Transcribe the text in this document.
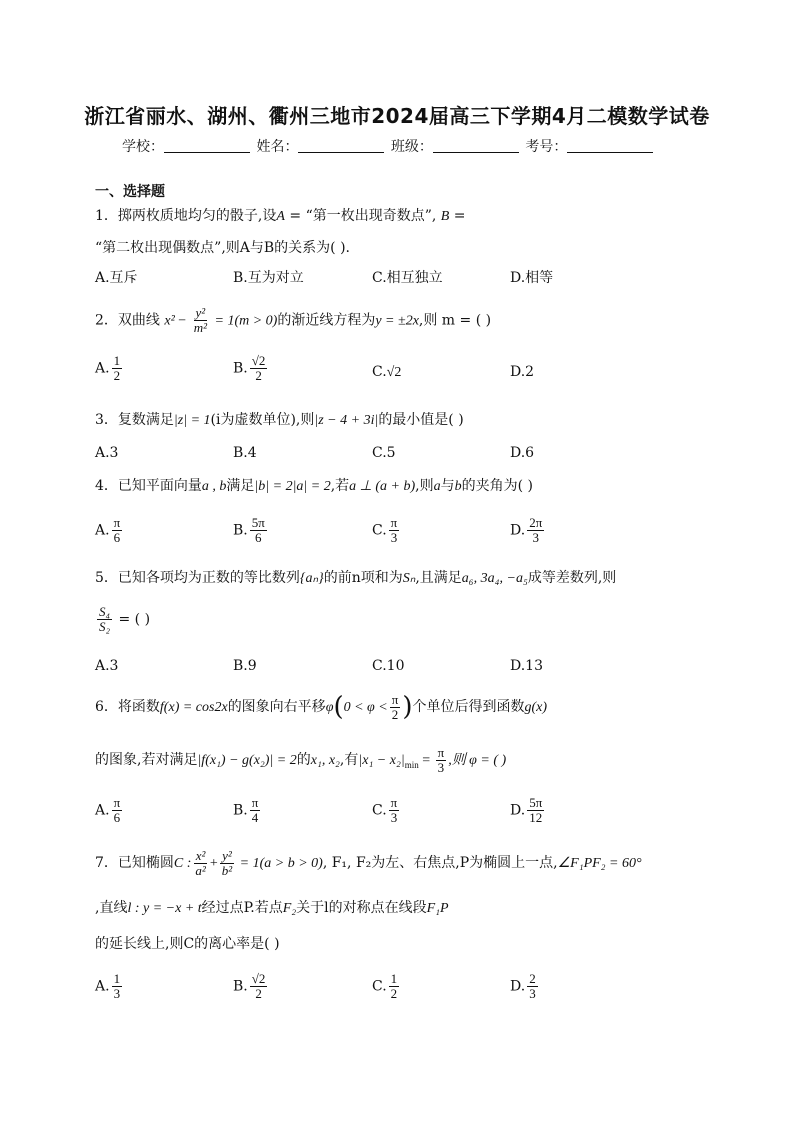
浙江省丽水、湖州、衢州三地市2024届高三下学期4月二模数学试卷
学校：	姓名：	班级：	考号：
一、选择题
1．掷两枚质地均匀的骰子,设A = “第一枚出现奇数点”, B =
“第二枚出现偶数点”,则A与B的关系为( ).
A.互斥	B.互为对立	C.相互独立	D.相等
2．双曲线 $x^2 - \frac{\text{y²}}{\text{m²}} = 1(m > 0)$的渐近线方程为y = ±2x,则 m = ( )
A. $\frac{1}{2}$	B. $\frac{√2}{2}$	C.√2	D.2
3．复数满足|z| = 1(i为虚数单位),则|z − 4 + 3i|的最小值是( )
A.3	B.4	C.5	D.6
4．已知平面向量a , b满足|b| = 2|a| = 2,若a ⊥ (a + b),则a与b的夹角为( )
A. $\frac{\pi}{6}$	B. $\frac{5\pi}{6}$	C. $\frac{\pi}{3}$	D. $\frac{2\pi}{3}$
5．已知各项均为正数的等比数列{aₙ}的前n项和为Sₙ,且满足a₆, 3a₄, −a₅成等差数列,则
$\frac{\text{S₄}}{\text{S₂}}$ = ( )
A.3	B.9	C.10	D.13
6．将函数f(x) = cos2x的图象向右平移$\varphi(0 < \varphi < \frac{\pi}{2}$ )个单位后得到函数g(x)
的图象,若对满足|f(x₁) − g(x₂)| = 2的x₁, x₂,有$|x_1 - x_2|_{min} = \frac{\pi}{3}$ ,则 φ = ( )
A. $\frac{\pi}{6}$	B. $\frac{\pi}{4}$	C. $\frac{\pi}{3}$	D. $\frac{5\pi}{12}$
7．已知椭圆C : $\frac{\text{x²}}{\text{a²}} + \frac{\text{y²}}{\text{b²}} = 1(a > b > 0)$, F₁, F₂为左、右焦点,P为椭圆上一点,∠F₁PF₂ = 60°
,直线l : y = −x + t经过点P.若点F₂关于l的对称点在线段F₁P
的延长线上,则C的离心率是( )
A. $\frac{1}{3}$	B. $\frac{√2}{2}$	C. $\frac{1}{2}$	D. $\frac{2}{3}$
